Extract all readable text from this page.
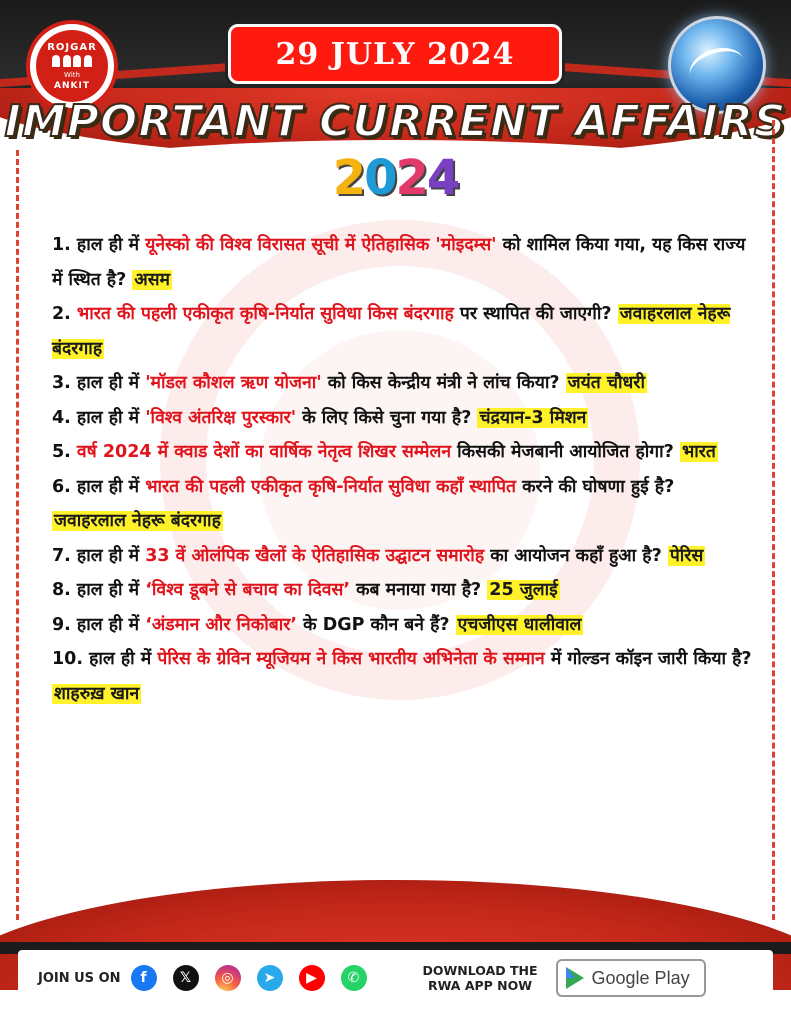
ROJGAR
With
ANKIT
29 JULY 2024
IMPORTANT CURRENT AFFAIRS
2024

1. हाल ही में यूनेस्को की विश्व विरासत सूची में ऐतिहासिक 'मोइदम्स' को शामिल किया गया, यह किस राज्य में स्थित है? असम

2. भारत की पहली एकीकृत कृषि-निर्यात सुविधा किस बंदरगाह पर स्थापित की जाएगी? जवाहरलाल नेहरू बंदरगाह

3. हाल ही में 'मॉडल कौशल ऋण योजना' को किस केन्द्रीय मंत्री ने लांच किया? जयंत चौधरी

4. हाल ही में 'विश्व अंतरिक्ष पुरस्कार' के लिए किसे चुना गया है? चंद्रयान-3 मिशन

5. वर्ष 2024 में क्वाड देशों का वार्षिक नेतृत्व शिखर सम्मेलन किसकी मेजबानी आयोजित होगा? भारत

6. हाल ही में भारत की पहली एकीकृत कृषि-निर्यात सुविधा कहाँ स्थापित करने की घोषणा हुई है? जवाहरलाल नेहरू बंदरगाह

7. हाल ही में 33 वें ओलंपिक खैलों के ऐतिहासिक उद्घाटन समारोह का आयोजन कहाँ हुआ है? पेरिस

8. हाल ही में ‘विश्व डूबने से बचाव का दिवस’ कब मनाया गया है? 25 जुलाई

9. हाल ही में ‘अंडमान और निकोबार’ के DGP कौन बने हैं? एचजीएस धालीवाल

10. हाल ही में पेरिस के ग्रेविन म्यूजियम ने किस भारतीय अभिनेता के सम्मान में गोल्डन कॉइन जारी किया है? शाहरुख़ खान

JOIN US ON	f	𝕏	◎	➤	▶	✆	DOWNLOAD THE
RWA APP NOW	Google Play
